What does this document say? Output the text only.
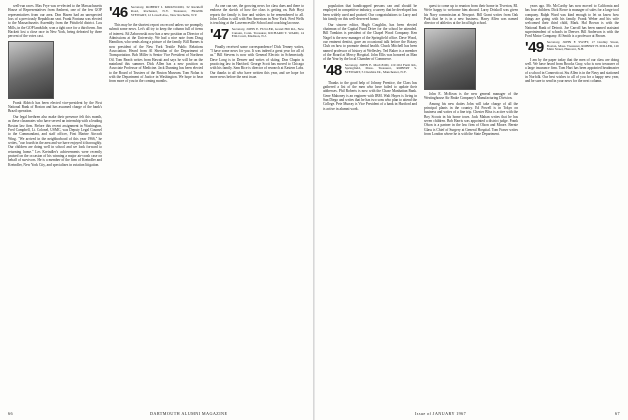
well-run races. Max Frye was re-elected to the Massachusetts House of Representatives from Amherst, one of the few GOP representatives from our area. Don Hazen had an unexpected loss of a previously Republican seat. Frank Fontana was elected to the Massachusetts Assembly from the Pittsfield district. Lou Mills, in the GOP landslide, won a tight race for a third term. Jim Hackett lost a close race in New York, being defeated by three percent of the votes cast.

Frank Aldrich has been elected vice-president by the First National Bank of Boston and has assumed charge of the bank's Brazil operation.

Our legal brethren also make their presence felt this month, as these classmates who have served an internship with a leading Boston law firm. Before this recent assignment in Washington, Fred Campbell, Lt. Colonel, USMC, was Deputy Legal Counsel to the Commandant, and staff officer, First Marine Aircraft Wing. "We arrived in the neighborhood of this year 1966," he writes, "our fourth in the area and we have enjoyed it thoroughly. Our children are doing well in school and we look forward to returning home." Les Kreindler's achievements were recently praised on the occasion of his winning a major air-crash case on behalf of survivors. He is a member of the firm of Kreindler and Kreindler, New York City, and specializes in aviation litigation.

'46 Secretary, ROBERT I. KIRKWOOD, 32 Rackleff Road, Rochester, N.Y. Treasurer, FRANK STEWART, 12 Lowell Ave., New Rochelle, N.Y.

This may be the shortest report on record unless we promptly submit some news. Let's all try to keep the column full of items of interest. Ed Zaborowski now has a new position as Director of Admissions at the University. We had a nice note from Doug Hamilton, who sends along a picture of the family. Bill Barnes is now president of the New York Textile Public Relations Association. Heard from Al Sheridan of the Department of Transportation. Bob Miller is Senior Vice President of Northern Oil. Tom Beach writes from Hawaii and says he will be on the mainland this summer. Dick Allen has a new position as Associate Professor of Medicine. Jack Dunning has been elected to the Board of Trustees of the Boston Museum. Tom Nolan is with the Department of Justice in Washington. We hope to hear from more of you in the coming months.

As one can see, the growing news for class dues and there to endorse the sketch of how the class is getting on. Bob Hoyt reports the family is fine and wishes to be remembered to all. John Collins is still with Pan American in New York. Fred Wells is teaching at the Lawrenceville School and coaching lacrosse.

'47 Secretary, JOHN E. FULLER, Grand Hill Rd., New Canaan, Conn. Treasurer, RICHARD T. WARD, 14 Elm Court, Madison, N.J.

Finally received some correspondence! Dick Tenney writes, "I have some news for you. It was indeed a great year for all of us." Bill Stevens is now with General Electric in Schenectady. Dave Long is in Denver and writes of skiing. Don Chapin is practicing law in Hartford. George Scott has moved to Chicago with his family. Sam Rice is director of research at Eastern Labs. Our thanks to all who have written this year, and we hope for more news before the next issue.

66	DARTMOUTH ALUMNI MAGAZINE

population that handicapped persons can and should be employed in competitive industry, a survey that he developed has been widely used and praised. Our congratulations to Larry and his family on this well-deserved honor.

Our sincere editor, Hugh Coughlin, has been elected chairman of the Capital Fund Drive for the school he attended. Bill Tomkins is president of the Chapel Wood Company. Ken Nagel is the new manager of the Springfield office. Dave Wood, our eminent dentist, gave an occasional talk before the Rotary Club on how to promote dental health. Chuck Mitchell has been named professor of history at Wellesley. Ted Baker is a member of the Board at Mercy Hospital. John Ellis was honored as Man of the Year by the local Chamber of Commerce.

'48 Secretary, JOHN E. MacLEOD, 119 Old Farm Rd., Springfield, Mass. Treasurer, ROBERT S. STEWART, 5 Cheshire Dr., Manchester, N.Y.

Thanks to the good help of Johnny Prentice, the Class has gathered a list of the men who have failed to update their addresses. Phil Roberts is now with the Chase Manhattan Bank. Gene Mahoney is an engineer with IBM. Walt Hayes is living in San Diego and writes that he has two sons who plan to attend the College. Pete Murray is Vice President of a bank in Hartford and is active in alumni work.

quest to come up to reunion from their home in Tiverton, RI. We're happy to welcome him aboard. Larry Driskoll was given his Navy commission at Newport. Bill Grant writes from Oak Park that he is in a new business. Harry Allen was named director of athletics at the local high school.

John E. McKean is the new general manager of the Westinghouse Air Brake Company's Manufacturing Division.

Among his new duties John will take charge of all the principal plants in the country. Ed Powell is in Tokyo on business and writes of a fine trip. Chester Bliss is active with the Boy Scouts in his home town. Jack Mahan writes that he has seven children. Bob Harris was appointed a district judge. Frank Olson is a partner in the law firm of Olson and Moore. Bernie Glass is Chief of Surgery at General Hospital. Tom Fraser writes from London where he is with the State Department.

years ago. Mr. McCarthy has now moved to California and has four children. Dick Rowe is manager of sales for a large tool company. Ralph Ward was kind enough to let us know how things are going with his family. Frank Weber and his wife welcomed their third child, Mark. Hal Brown is with the National Bank of Detroit. Joe Carroll has been named assistant superintendent of schools in Denver. Bill Anderson is with the Ford Motor Company. Al Smith is a professor at Brown.

'49 Secretary, JOHN F. SWIFT, 17 Lindley Street, Boston, Mass. Treasurer, ROBERT H. MILLER, 120 Main Street, Hanover, N.H.

I am by the paper today that the men of our class are doing well. We have heard from Brooks Gray, who is now treasurer of a large insurance firm. Tom Hart has been appointed headmaster of a school in Connecticut. Stu Allen is in the Navy and stationed in Norfolk. Our best wishes to all of you for a happy new year, and be sure to send in your news for the next column.

Issue of JANUARY 1967	67
